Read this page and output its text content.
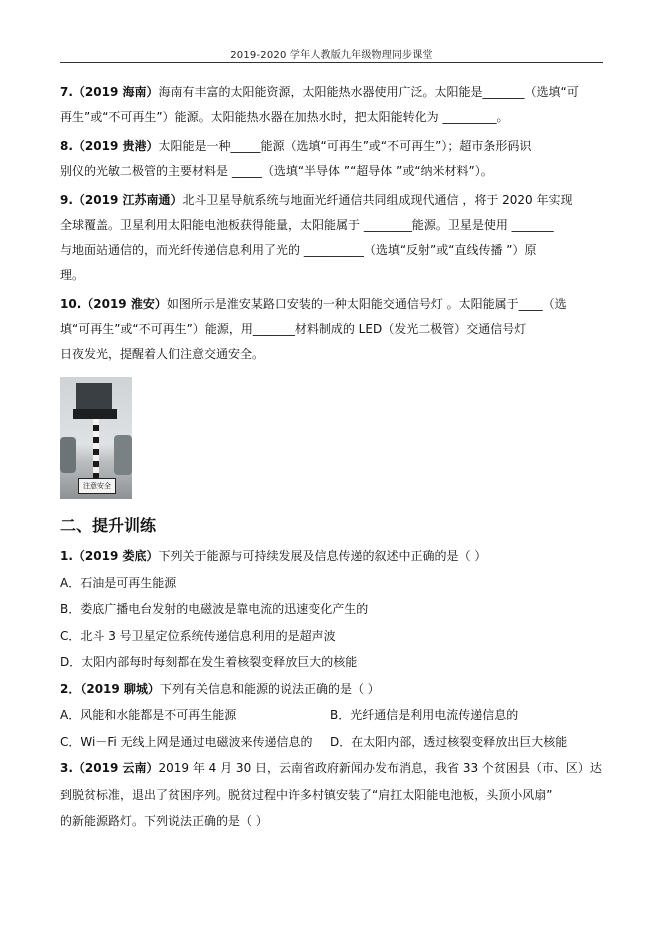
2019-2020 学年人教版九年级物理同步课堂

7.（2019 海南）海南有丰富的太阳能资源，太阳能热水器使用广泛。太阳能是_______（选填“可

再生”或“不可再生”）能源。太阳能热水器在加热水时，把太阳能转化为 _________。

8.（2019 贵港）太阳能是一种_____能源（选填“可再生”或“不可再生”）；超市条形码识

别仪的光敏二极管的主要材料是 _____（选填“半导体 ”“超导体 ”或“纳米材料”）。

9.（2019 江苏南通）北斗卫星导航系统与地面光纤通信共同组成现代通信 ，将于 2020 年实现

全球覆盖。卫星利用太阳能电池板获得能量，太阳能属于 ________能源。卫星是使用 _______

与地面站通信的，而光纤传递信息利用了光的 __________（选填“反射”或“直线传播 ”）原

理。

10.（2019 淮安）如图所示是淮安某路口安装的一种太阳能交通信号灯 。太阳能属于____（选

填“可再生”或“不可再生”）能源，用_______材料制成的 LED（发光二极管）交通信号灯

日夜发光，提醒着人们注意交通安全。

注意安全
二、提升训练

1.（2019 娄底）下列关于能源与可持续发展及信息传递的叙述中正确的是（ ）

A．石油是可再生能源

B．娄底广播电台发射的电磁波是靠电流的迅速变化产生的

C．北斗 3 号卫星定位系统传递信息利用的是超声波

D．太阳内部每时每刻都在发生着核裂变释放巨大的核能

2．（2019 聊城）下列有关信息和能源的说法正确的是（ ）

A．风能和水能都是不可再生能源	B．光纤通信是利用电流传递信息的

C．Wi－Fi 无线上网是通过电磁波来传递信息的	D．在太阳内部，透过核裂变释放出巨大核能

3.（2019 云南）2019 年 4 月 30 日，云南省政府新闻办发布消息，我省 33 个贫困县（市、区）达

到脱贫标准，退出了贫困序列。脱贫过程中许多村镇安装了“肩扛太阳能电池板，头顶小风扇”

的新能源路灯。下列说法正确的是（ ）
